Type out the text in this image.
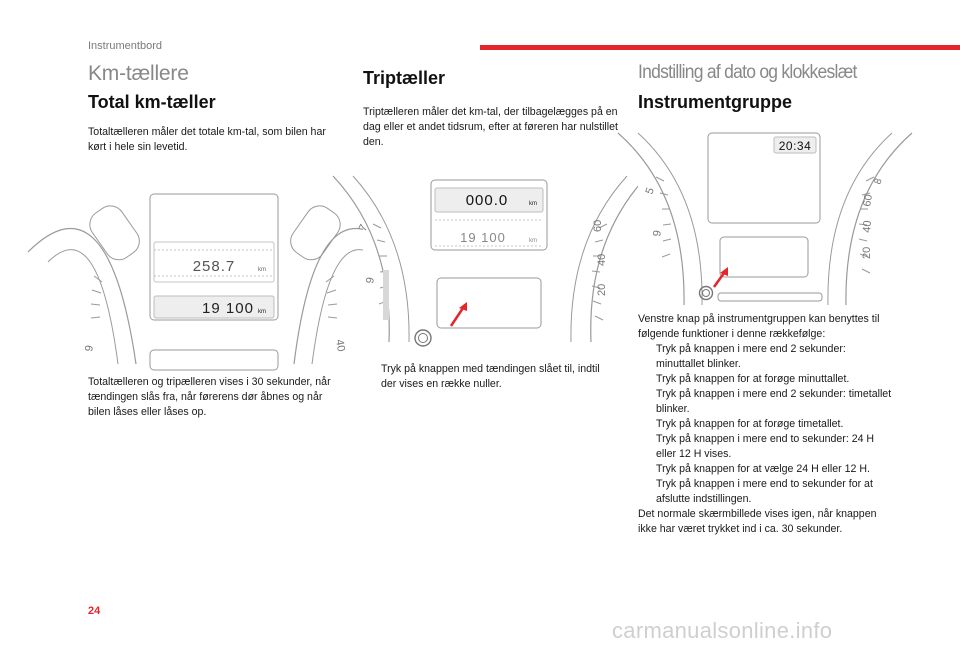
Instrumentbord
Km-tællere
Total km-tæller

Totaltælleren måler det totale km-tal, som bilen har kørt i hele sin levetid.

258.7	km
19 100 km
9	40

Totaltælleren og tripælleren vises i 30 sekunder, når tændingen slås fra, når førerens dør åbnes og når bilen låses eller låses op.

Triptæller

Triptælleren måler det km-tal, der tilbagelægges på en dag eller et andet tidsrum, efter at føreren har nulstillet den.

000.0	km
19 100	km
7
9
60
40
20
Tryk på knappen med tændingen slået til, indtil der vises en række nuller.
Indstilling af dato og klokkeslæt
Instrumentgruppe
20:34
5
9
8
60
40
20

Venstre knap på instrumentgruppen kan benyttes til følgende funktioner i denne rækkefølge:

Tryk på knappen i mere end 2 sekunder: minuttallet blinker.
Tryk på knappen for at forøge minuttallet.
Tryk på knappen i mere end 2 sekunder: timetallet blinker.
Tryk på knappen for at forøge timetallet.
Tryk på knappen i mere end to sekunder: 24 H eller 12 H vises.
Tryk på knappen for at vælge 24 H eller 12 H.
Tryk på knappen i mere end to sekunder for at afslutte indstillingen.

Det normale skærmbillede vises igen, når knappen ikke har været trykket ind i ca. 30 sekunder.

24
carmanualsonline.info
